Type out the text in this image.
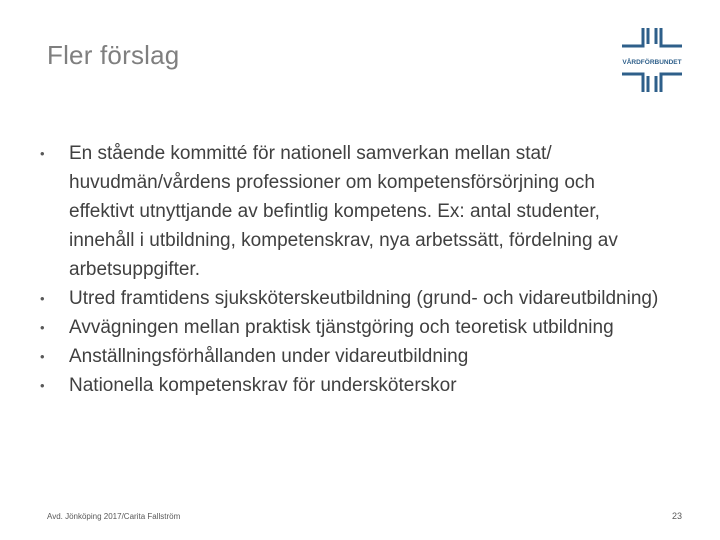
Fler förslag	VÅRDFÖRBUNDET
• En stående kommitté för nationell samverkan mellan stat/ huvudmän/vårdens professioner om kompetensförsörjning och effektivt utnyttjande av befintlig kompetens. Ex: antal studenter, innehåll i utbildning, kompetenskrav, nya arbetssätt, fördelning av arbetsuppgifter.
• Utred framtidens sjuksköterskeutbildning (grund- och vidareutbildning)
• Avvägningen mellan praktisk tjänstgöring och teoretisk utbildning
• Anställningsförhållanden under vidareutbildning
• Nationella kompetenskrav för undersköterskor
Avd. Jönköping 2017/Carita Fallström	23
